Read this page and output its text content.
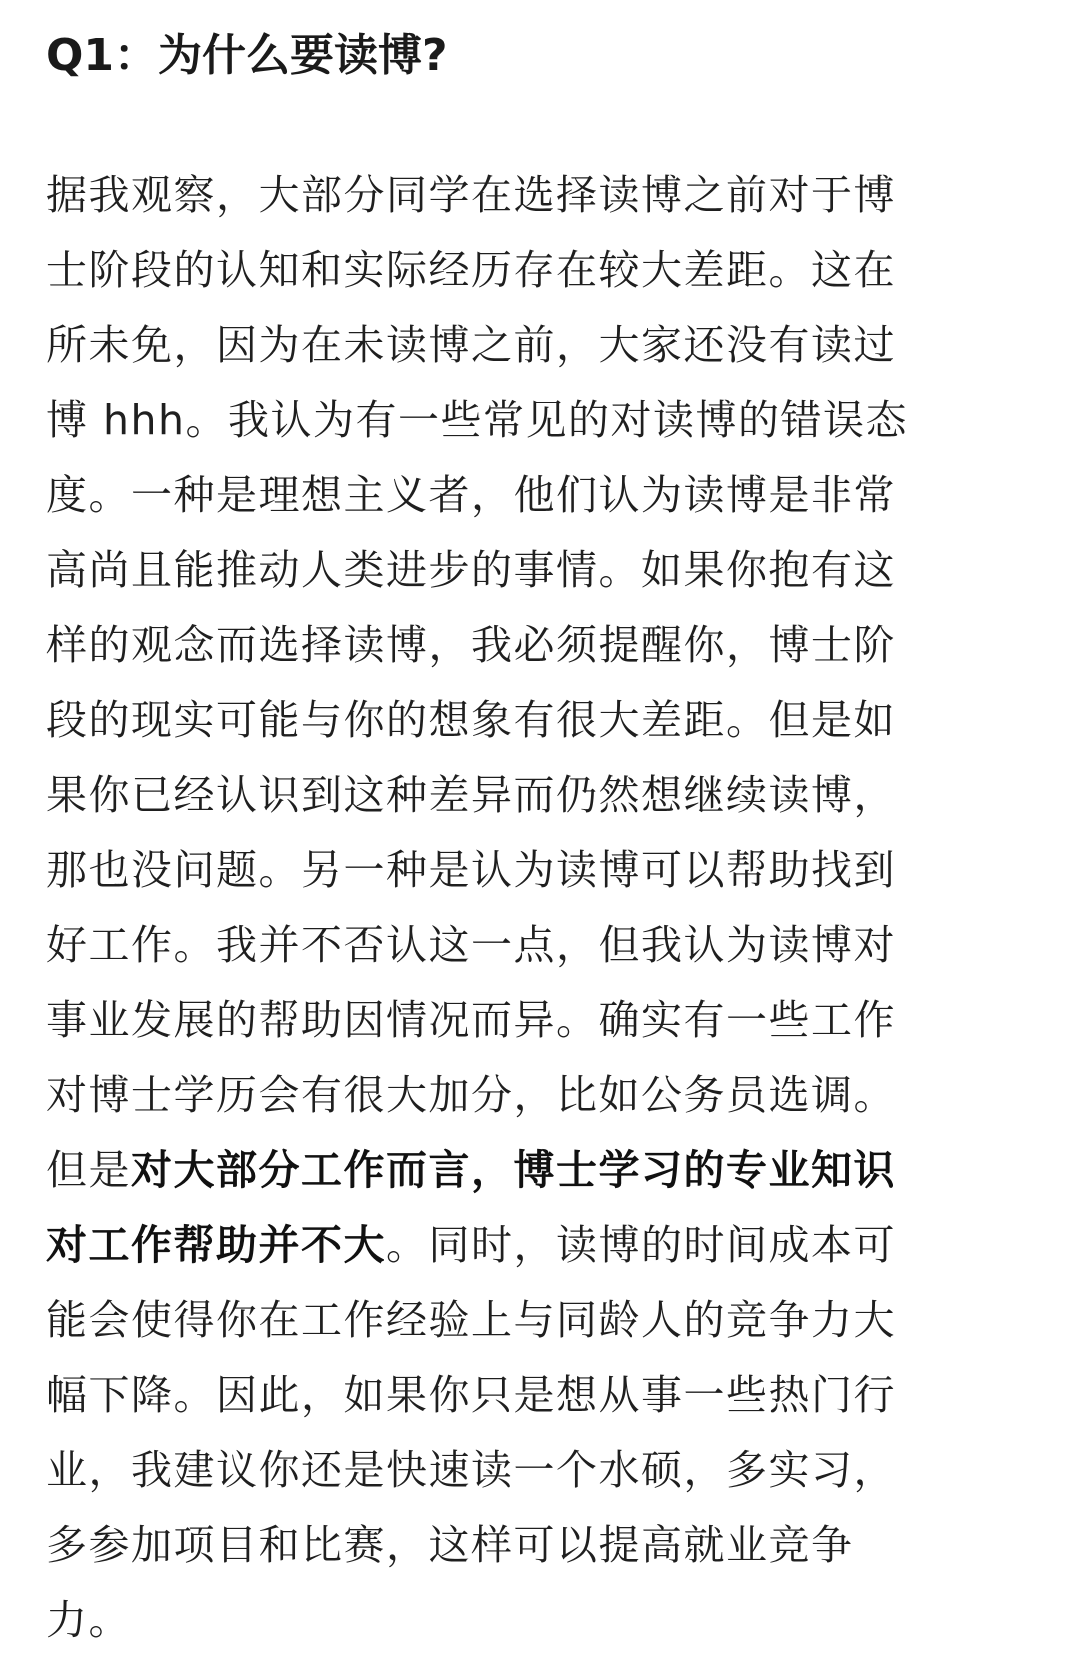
Q1：为什么要读博?
据我观察，大部分同学在选择读博之前对于博
士阶段的认知和实际经历存在较大差距。这在
所未免，因为在未读博之前，大家还没有读过
博 hhh。我认为有一些常见的对读博的错误态
度。一种是理想主义者，他们认为读博是非常
高尚且能推动人类进步的事情。如果你抱有这
样的观念而选择读博，我必须提醒你，博士阶
段的现实可能与你的想象有很大差距。但是如
果你已经认识到这种差异而仍然想继续读博，
那也没问题。另一种是认为读博可以帮助找到
好工作。我并不否认这一点，但我认为读博对
事业发展的帮助因情况而异。确实有一些工作
对博士学历会有很大加分，比如公务员选调。
但是对大部分工作而言，博士学习的专业知识
对工作帮助并不大。同时，读博的时间成本可
能会使得你在工作经验上与同龄人的竞争力大
幅下降。因此，如果你只是想从事一些热门行
业，我建议你还是快速读一个水硕，多实习，
多参加项目和比赛，这样可以提高就业竞争
力。
